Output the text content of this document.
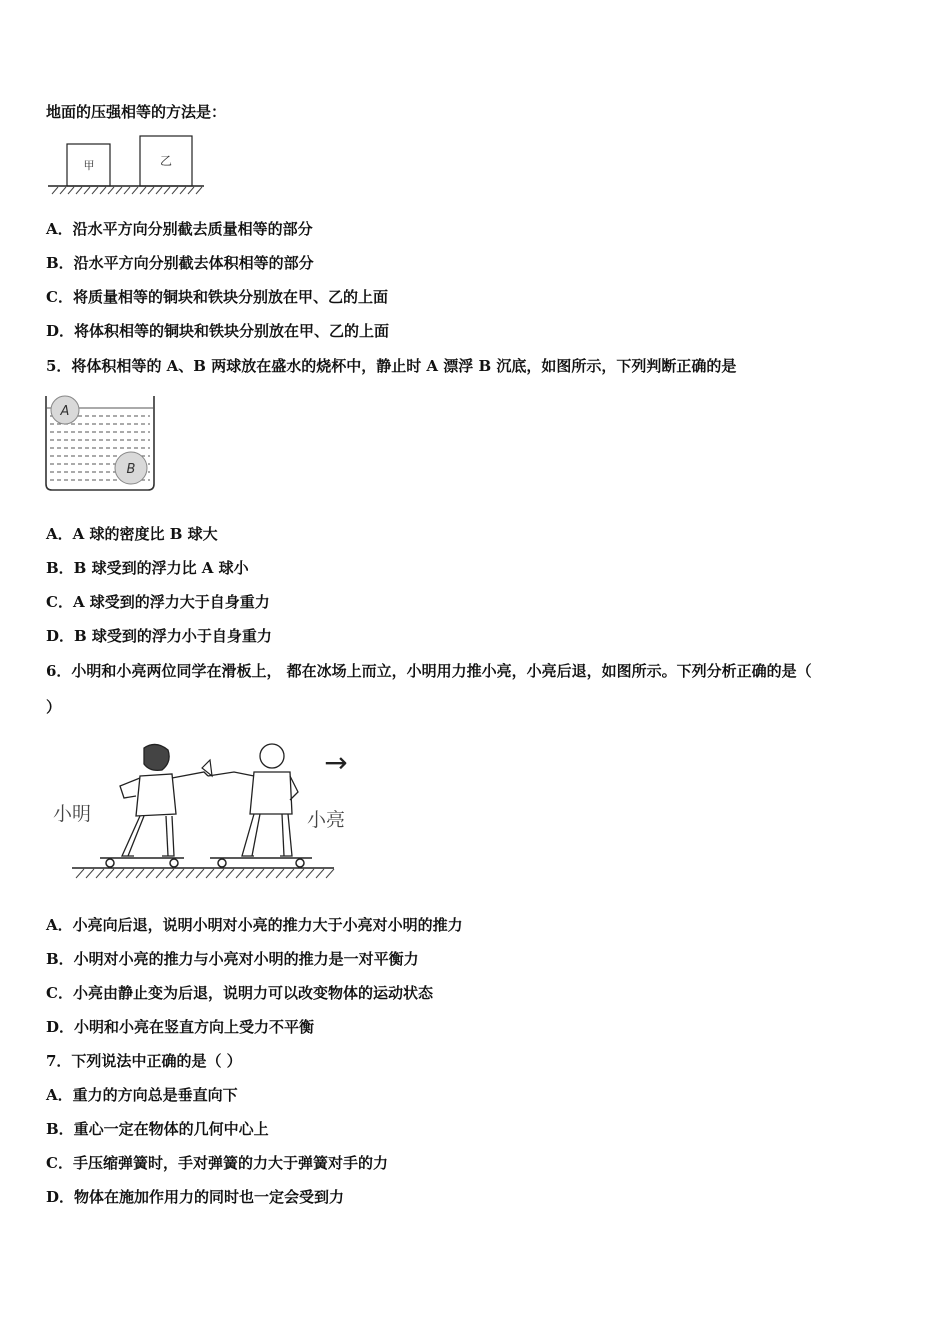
地面的压强相等的方法是：
甲	乙
A．沿水平方向分别截去质量相等的部分
B．沿水平方向分别截去体积相等的部分
C．将质量相等的铜块和铁块分别放在甲、乙的上面
D．将体积相等的铜块和铁块分别放在甲、乙的上面
5．将体积相等的 A、B 两球放在盛水的烧杯中，静止时 A 漂浮 B 沉底，如图所示，下列判断正确的是
A
B
A．A 球的密度比 B 球大
B．B 球受到的浮力比 A 球小
C．A 球受到的浮力大于自身重力
D．B 球受到的浮力小于自身重力
6．小明和小亮两位同学在滑板上， 都在冰场上而立，小明用力推小亮，小亮后退，如图所示。下列分析正确的是（
）
→
小明	小亮
A．小亮向后退，说明小明对小亮的推力大于小亮对小明的推力
B．小明对小亮的推力与小亮对小明的推力是一对平衡力
C．小亮由静止变为后退，说明力可以改变物体的运动状态
D．小明和小亮在竖直方向上受力不平衡
7．下列说法中正确的是（ ）
A．重力的方向总是垂直向下
B．重心一定在物体的几何中心上
C．手压缩弹簧时，手对弹簧的力大于弹簧对手的力
D．物体在施加作用力的同时也一定会受到力
